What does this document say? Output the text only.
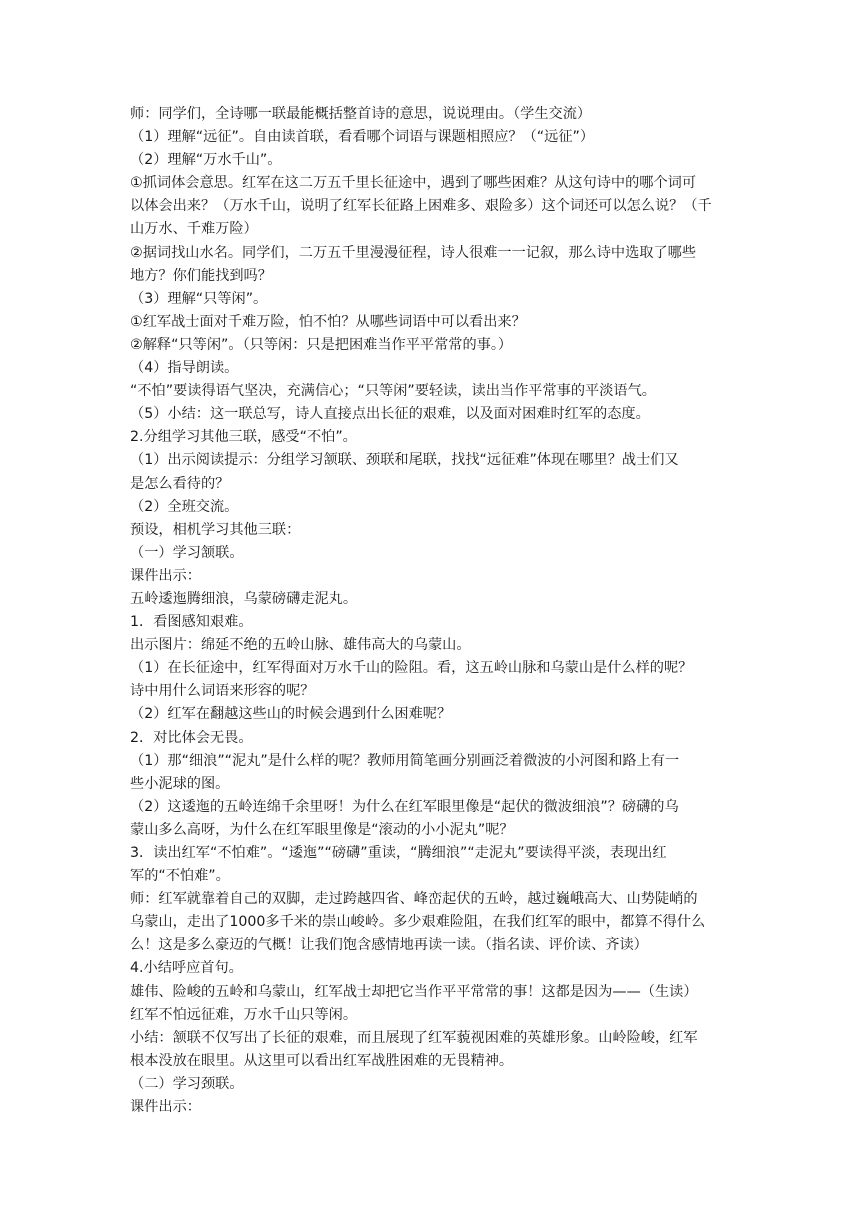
师：同学们，全诗哪一联最能概括整首诗的意思，说说理由。（学生交流）
（1）理解“远征”。自由读首联，看看哪个词语与课题相照应？（“远征”）
（2）理解“万水千山”。
①抓词体会意思。红军在这二万五千里长征途中，遇到了哪些困难？从这句诗中的哪个词可
以体会出来？（万水千山，说明了红军长征路上困难多、艰险多）这个词还可以怎么说？（千
山万水、千难万险）
②据词找山水名。同学们，二万五千里漫漫征程，诗人很难一一记叙，那么诗中选取了哪些
地方？你们能找到吗？
（3）理解“只等闲”。
①红军战士面对千难万险，怕不怕？从哪些词语中可以看出来？
②解释“只等闲”。（只等闲：只是把困难当作平平常常的事。）
（4）指导朗读。
“不怕”要读得语气坚决，充满信心；“只等闲”要轻读，读出当作平常事的平淡语气。
（5）小结：这一联总写，诗人直接点出长征的艰难，以及面对困难时红军的态度。
2.分组学习其他三联，感受“不怕”。
（1）出示阅读提示：分组学习颔联、颈联和尾联，找找“远征难”体现在哪里？战士们又
是怎么看待的？
（2）全班交流。
预设，相机学习其他三联：
（一）学习颔联。
课件出示：
五岭逶迤腾细浪，乌蒙磅礴走泥丸。
1．看图感知艰难。
出示图片：绵延不绝的五岭山脉、雄伟高大的乌蒙山。
（1）在长征途中，红军得面对万水千山的险阻。看，这五岭山脉和乌蒙山是什么样的呢？
诗中用什么词语来形容的呢？
（2）红军在翻越这些山的时候会遇到什么困难呢？
2．对比体会无畏。
（1）那“细浪”“泥丸”是什么样的呢？教师用简笔画分别画泛着微波的小河图和路上有一
些小泥球的图。
（2）这逶迤的五岭连绵千余里呀！为什么在红军眼里像是“起伏的微波细浪”？磅礴的乌
蒙山多么高呀，为什么在红军眼里像是“滚动的小小泥丸”呢？
3．读出红军“不怕难”。“逶迤”“磅礴”重读，“腾细浪”“走泥丸”要读得平淡，表现出红
军的“不怕难”。
师：红军就靠着自己的双脚，走过跨越四省、峰峦起伏的五岭，越过巍峨高大、山势陡峭的
乌蒙山，走出了1000多千米的崇山峻岭。多少艰难险阻，在我们红军的眼中，都算不得什么
么！这是多么豪迈的气概！让我们饱含感情地再读一读。（指名读、评价读、齐读）
4.小结呼应首句。
雄伟、险峻的五岭和乌蒙山，红军战士却把它当作平平常常的事！这都是因为——（生读）
红军不怕远征难，万水千山只等闲。
小结：颔联不仅写出了长征的艰难，而且展现了红军藐视困难的英雄形象。山岭险峻，红军
根本没放在眼里。从这里可以看出红军战胜困难的无畏精神。
（二）学习颈联。
课件出示：
